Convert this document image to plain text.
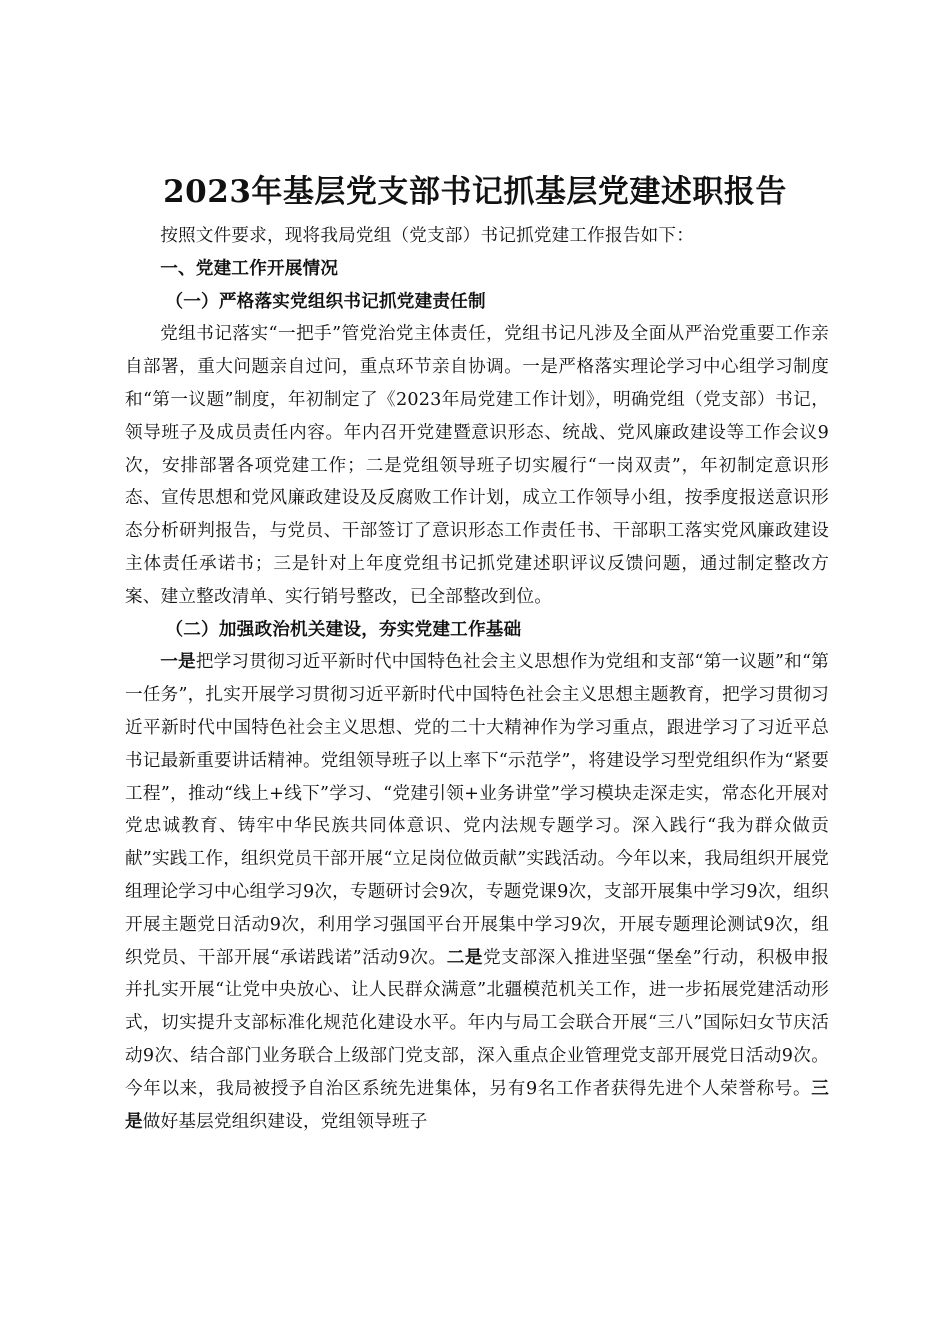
2023年基层党支部书记抓基层党建述职报告

按照文件要求，现将我局党组（党支部）书记抓党建工作报告如下：

一、党建工作开展情况

（一）严格落实党组织书记抓党建责任制

党组书记落实“一把手”管党治党主体责任，党组书记凡涉及全面从严治党重要工作亲自部署，重大问题亲自过问，重点环节亲自协调。一是严格落实理论学习中心组学习制度和“第一议题”制度，年初制定了《2023年局党建工作计划》，明确党组（党支部）书记，领导班子及成员责任内容。年内召开党建暨意识形态、统战、党风廉政建设等工作会议9次，安排部署各项党建工作；二是党组领导班子切实履行“一岗双责”，年初制定意识形态、宣传思想和党风廉政建设及反腐败工作计划，成立工作领导小组，按季度报送意识形态分析研判报告，与党员、干部签订了意识形态工作责任书、干部职工落实党风廉政建设主体责任承诺书；三是针对上年度党组书记抓党建述职评议反馈问题，通过制定整改方案、建立整改清单、实行销号整改，已全部整改到位。

（二）加强政治机关建设，夯实党建工作基础

一是把学习贯彻习近平新时代中国特色社会主义思想作为党组和支部“第一议题”和“第一任务”，扎实开展学习贯彻习近平新时代中国特色社会主义思想主题教育，把学习贯彻习近平新时代中国特色社会主义思想、党的二十大精神作为学习重点，跟进学习了习近平总书记最新重要讲话精神。党组领导班子以上率下“示范学”，将建设学习型党组织作为“紧要工程”，推动“线上+线下”学习、“党建引领+业务讲堂”学习模块走深走实，常态化开展对党忠诚教育、铸牢中华民族共同体意识、党内法规专题学习。深入践行“我为群众做贡献”实践工作，组织党员干部开展“立足岗位做贡献”实践活动。今年以来，我局组织开展党组理论学习中心组学习9次，专题研讨会9次，专题党课9次，支部开展集中学习9次，组织开展主题党日活动9次，利用学习强国平台开展集中学习9次，开展专题理论测试9次，组织党员、干部开展“承诺践诺”活动9次。二是党支部深入推进坚强“堡垒”行动，积极申报并扎实开展“让党中央放心、让人民群众满意”北疆模范机关工作，进一步拓展党建活动形式，切实提升支部标准化规范化建设水平。年内与局工会联合开展“三八”国际妇女节庆活动9次、结合部门业务联合上级部门党支部，深入重点企业管理党支部开展党日活动9次。今年以来，我局被授予自治区系统先进集体，另有9名工作者获得先进个人荣誉称号。三是做好基层党组织建设，党组领导班子
